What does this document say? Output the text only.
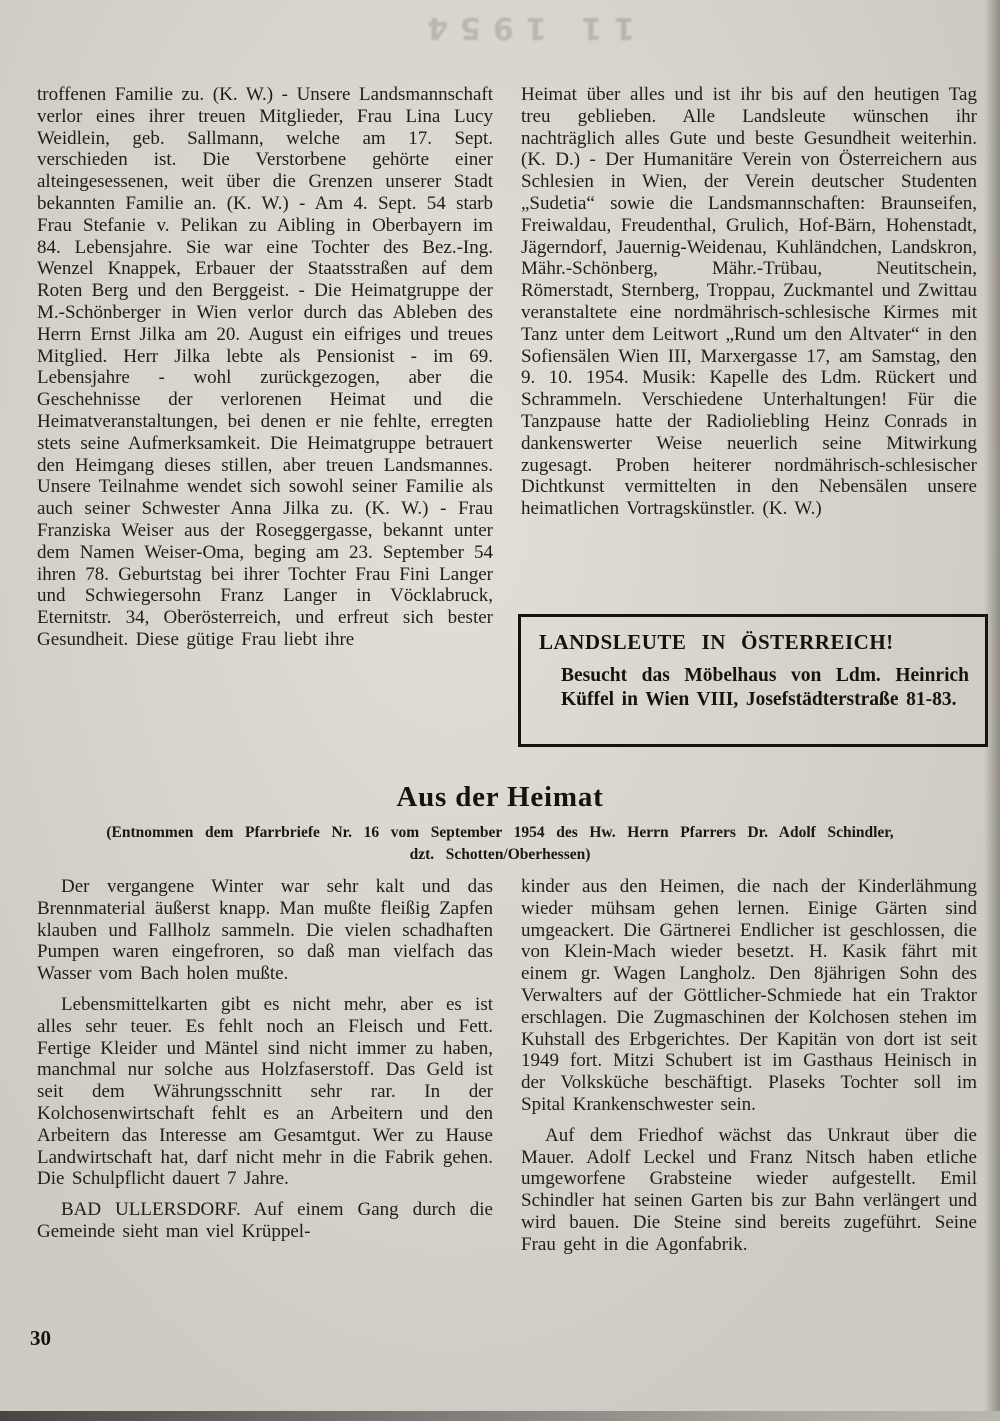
11 1954

troffenen Familie zu. (K. W.) - Unsere Landsmannschaft verlor eines ihrer treuen Mitglieder, Frau Lina Lucy Weidlein, geb. Sallmann, welche am 17. Sept. verschieden ist. Die Verstorbene gehörte einer alteingesessenen, weit über die Grenzen unserer Stadt bekannten Familie an. (K. W.) - Am 4. Sept. 54 starb Frau Stefanie v. Pelikan zu Aibling in Oberbayern im 84. Lebensjahre. Sie war eine Tochter des Bez.-Ing. Wenzel Knappek, Erbauer der Staatsstraßen auf dem Roten Berg und den Berggeist. - Die Heimatgruppe der M.-Schönberger in Wien verlor durch das Ableben des Herrn Ernst Jilka am 20. August ein eifriges und treues Mitglied. Herr Jilka lebte als Pensionist - im 69. Lebensjahre - wohl zurückgezogen, aber die Geschehnisse der verlorenen Heimat und die Heimatveranstaltungen, bei denen er nie fehlte, erregten stets seine Aufmerksamkeit. Die Heimatgruppe betrauert den Heimgang dieses stillen, aber treuen Landsmannes. Unsere Teilnahme wendet sich sowohl seiner Familie als auch seiner Schwester Anna Jilka zu. (K. W.) - Frau Franziska Weiser aus der Roseggergasse, bekannt unter dem Namen Weiser-Oma, beging am 23. September 54 ihren 78. Geburtstag bei ihrer Tochter Frau Fini Langer und Schwiegersohn Franz Langer in Vöcklabruck, Eternitstr. 34, Oberösterreich, und erfreut sich bester Gesundheit. Diese gütige Frau liebt ihre

Heimat über alles und ist ihr bis auf den heutigen Tag treu geblieben. Alle Landsleute wünschen ihr nachträglich alles Gute und beste Gesundheit weiterhin. (K. D.) - Der Humanitäre Verein von Österreichern aus Schlesien in Wien, der Verein deutscher Studenten „Sudetia“ sowie die Landsmannschaften: Braunseifen, Freiwaldau, Freudenthal, Grulich, Hof-Bärn, Hohenstadt, Jägerndorf, Jauernig-Weidenau, Kuhländchen, Landskron, Mähr.-Schönberg, Mähr.-Trübau, Neutitschein, Römerstadt, Sternberg, Troppau, Zuckmantel und Zwittau veranstaltete eine nordmährisch-schlesische Kirmes mit Tanz unter dem Leitwort „Rund um den Altvater“ in den Sofiensälen Wien III, Marxergasse 17, am Samstag, den 9. 10. 1954. Musik: Kapelle des Ldm. Rückert und Schrammeln. Verschiedene Unterhaltungen! Für die Tanzpause hatte der Radioliebling Heinz Conrads in dankenswerter Weise neuerlich seine Mitwirkung zugesagt. Proben heiterer nordmährisch-schlesischer Dichtkunst vermittelten in den Nebensälen unsere heimatlichen Vortragskünstler. (K. W.)

LANDSLEUTE IN ÖSTERREICH!
Besucht das Möbelhaus von Ldm. Heinrich Küffel in Wien VIII, Josefstädterstraße 81-83.
Aus der Heimat
(Entnommen dem Pfarrbriefe Nr. 16 vom September 1954 des Hw. Herrn Pfarrers Dr. Adolf Schindler,
dzt. Schotten/Oberhessen)

Der vergangene Winter war sehr kalt und das Brennmaterial äußerst knapp. Man mußte fleißig Zapfen klauben und Fallholz sammeln. Die vielen schadhaften Pumpen waren eingefroren, so daß man vielfach das Wasser vom Bach holen mußte.

Lebensmittelkarten gibt es nicht mehr, aber es ist alles sehr teuer. Es fehlt noch an Fleisch und Fett. Fertige Kleider und Mäntel sind nicht immer zu haben, manchmal nur solche aus Holzfaserstoff. Das Geld ist seit dem Währungsschnitt sehr rar. In der Kolchosenwirtschaft fehlt es an Arbeitern und den Arbeitern das Interesse am Gesamtgut. Wer zu Hause Landwirtschaft hat, darf nicht mehr in die Fabrik gehen. Die Schulpflicht dauert 7 Jahre.

BAD ULLERSDORF. Auf einem Gang durch die Gemeinde sieht man viel Krüppel-

kinder aus den Heimen, die nach der Kinderlähmung wieder mühsam gehen lernen. Einige Gärten sind umgeackert. Die Gärtnerei Endlicher ist geschlossen, die von Klein-Mach wieder besetzt. H. Kasik fährt mit einem gr. Wagen Langholz. Den 8jährigen Sohn des Verwalters auf der Göttlicher-Schmiede hat ein Traktor erschlagen. Die Zugmaschinen der Kolchosen stehen im Kuhstall des Erbgerichtes. Der Kapitän von dort ist seit 1949 fort. Mitzi Schubert ist im Gasthaus Heinisch in der Volksküche beschäftigt. Plaseks Tochter soll im Spital Krankenschwester sein.

Auf dem Friedhof wächst das Unkraut über die Mauer. Adolf Leckel und Franz Nitsch haben etliche umgeworfene Grabsteine wieder aufgestellt. Emil Schindler hat seinen Garten bis zur Bahn verlängert und wird bauen. Die Steine sind bereits zugeführt. Seine Frau geht in die Agonfabrik.

30
